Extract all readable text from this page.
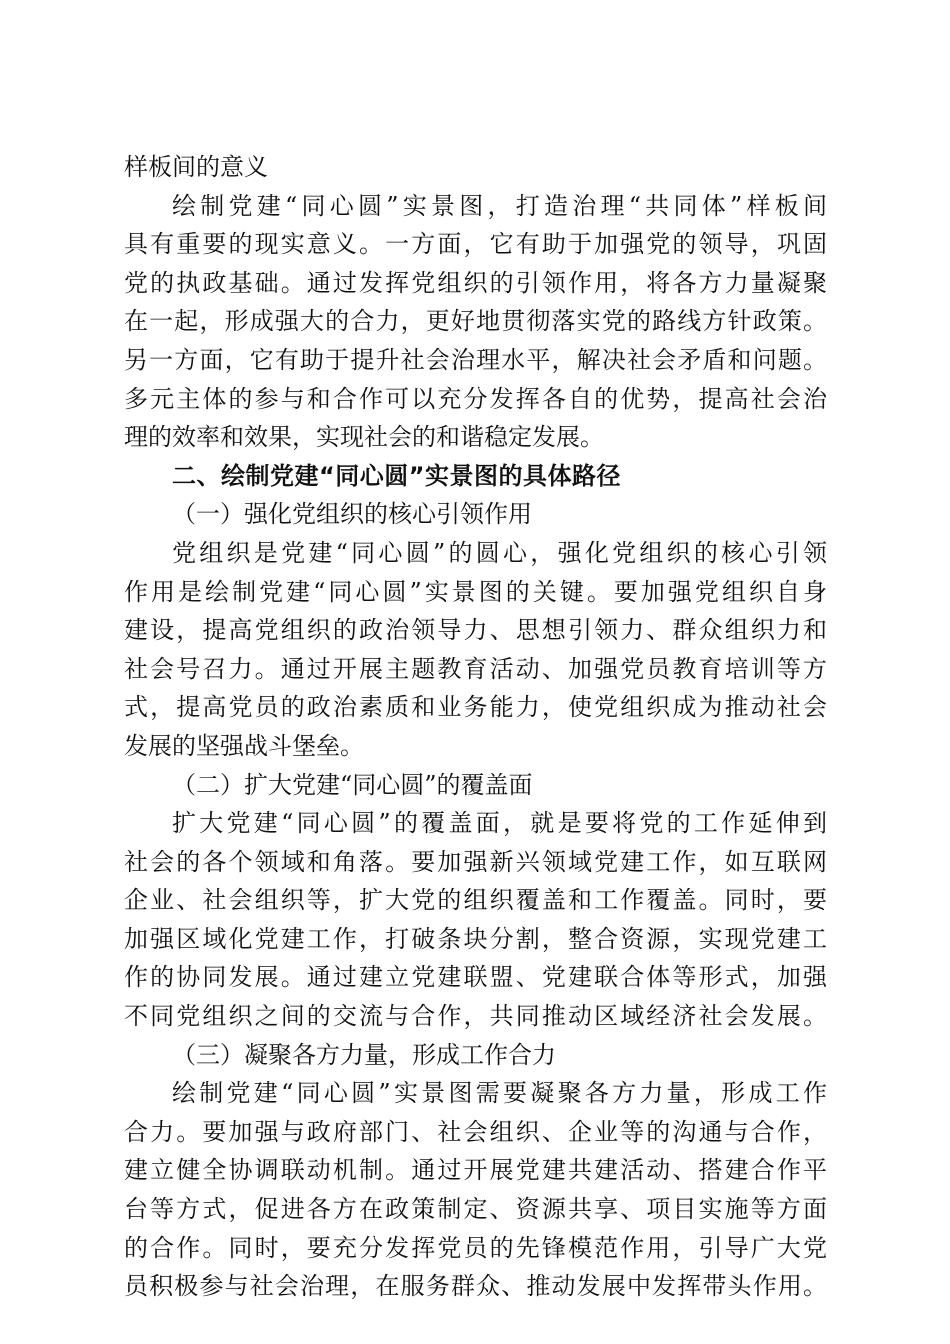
样板间的意义
绘制党建“同心圆”实景图，打造治理“共同体”样板间
具有重要的现实意义。一方面，它有助于加强党的领导，巩固
党的执政基础。通过发挥党组织的引领作用，将各方力量凝聚
在一起，形成强大的合力，更好地贯彻落实党的路线方针政策。
另一方面，它有助于提升社会治理水平，解决社会矛盾和问题。
多元主体的参与和合作可以充分发挥各自的优势，提高社会治
理的效率和效果，实现社会的和谐稳定发展。
二、绘制党建“同心圆”实景图的具体路径
（一）强化党组织的核心引领作用
党组织是党建“同心圆”的圆心，强化党组织的核心引领
作用是绘制党建“同心圆”实景图的关键。要加强党组织自身
建设，提高党组织的政治领导力、思想引领力、群众组织力和
社会号召力。通过开展主题教育活动、加强党员教育培训等方
式，提高党员的政治素质和业务能力，使党组织成为推动社会
发展的坚强战斗堡垒。
（二）扩大党建“同心圆”的覆盖面
扩大党建“同心圆”的覆盖面，就是要将党的工作延伸到
社会的各个领域和角落。要加强新兴领域党建工作，如互联网
企业、社会组织等，扩大党的组织覆盖和工作覆盖。同时，要
加强区域化党建工作，打破条块分割，整合资源，实现党建工
作的协同发展。通过建立党建联盟、党建联合体等形式，加强
不同党组织之间的交流与合作，共同推动区域经济社会发展。
（三）凝聚各方力量，形成工作合力
绘制党建“同心圆”实景图需要凝聚各方力量，形成工作
合力。要加强与政府部门、社会组织、企业等的沟通与合作，
建立健全协调联动机制。通过开展党建共建活动、搭建合作平
台等方式，促进各方在政策制定、资源共享、项目实施等方面
的合作。同时，要充分发挥党员的先锋模范作用，引导广大党
员积极参与社会治理，在服务群众、推动发展中发挥带头作用。
